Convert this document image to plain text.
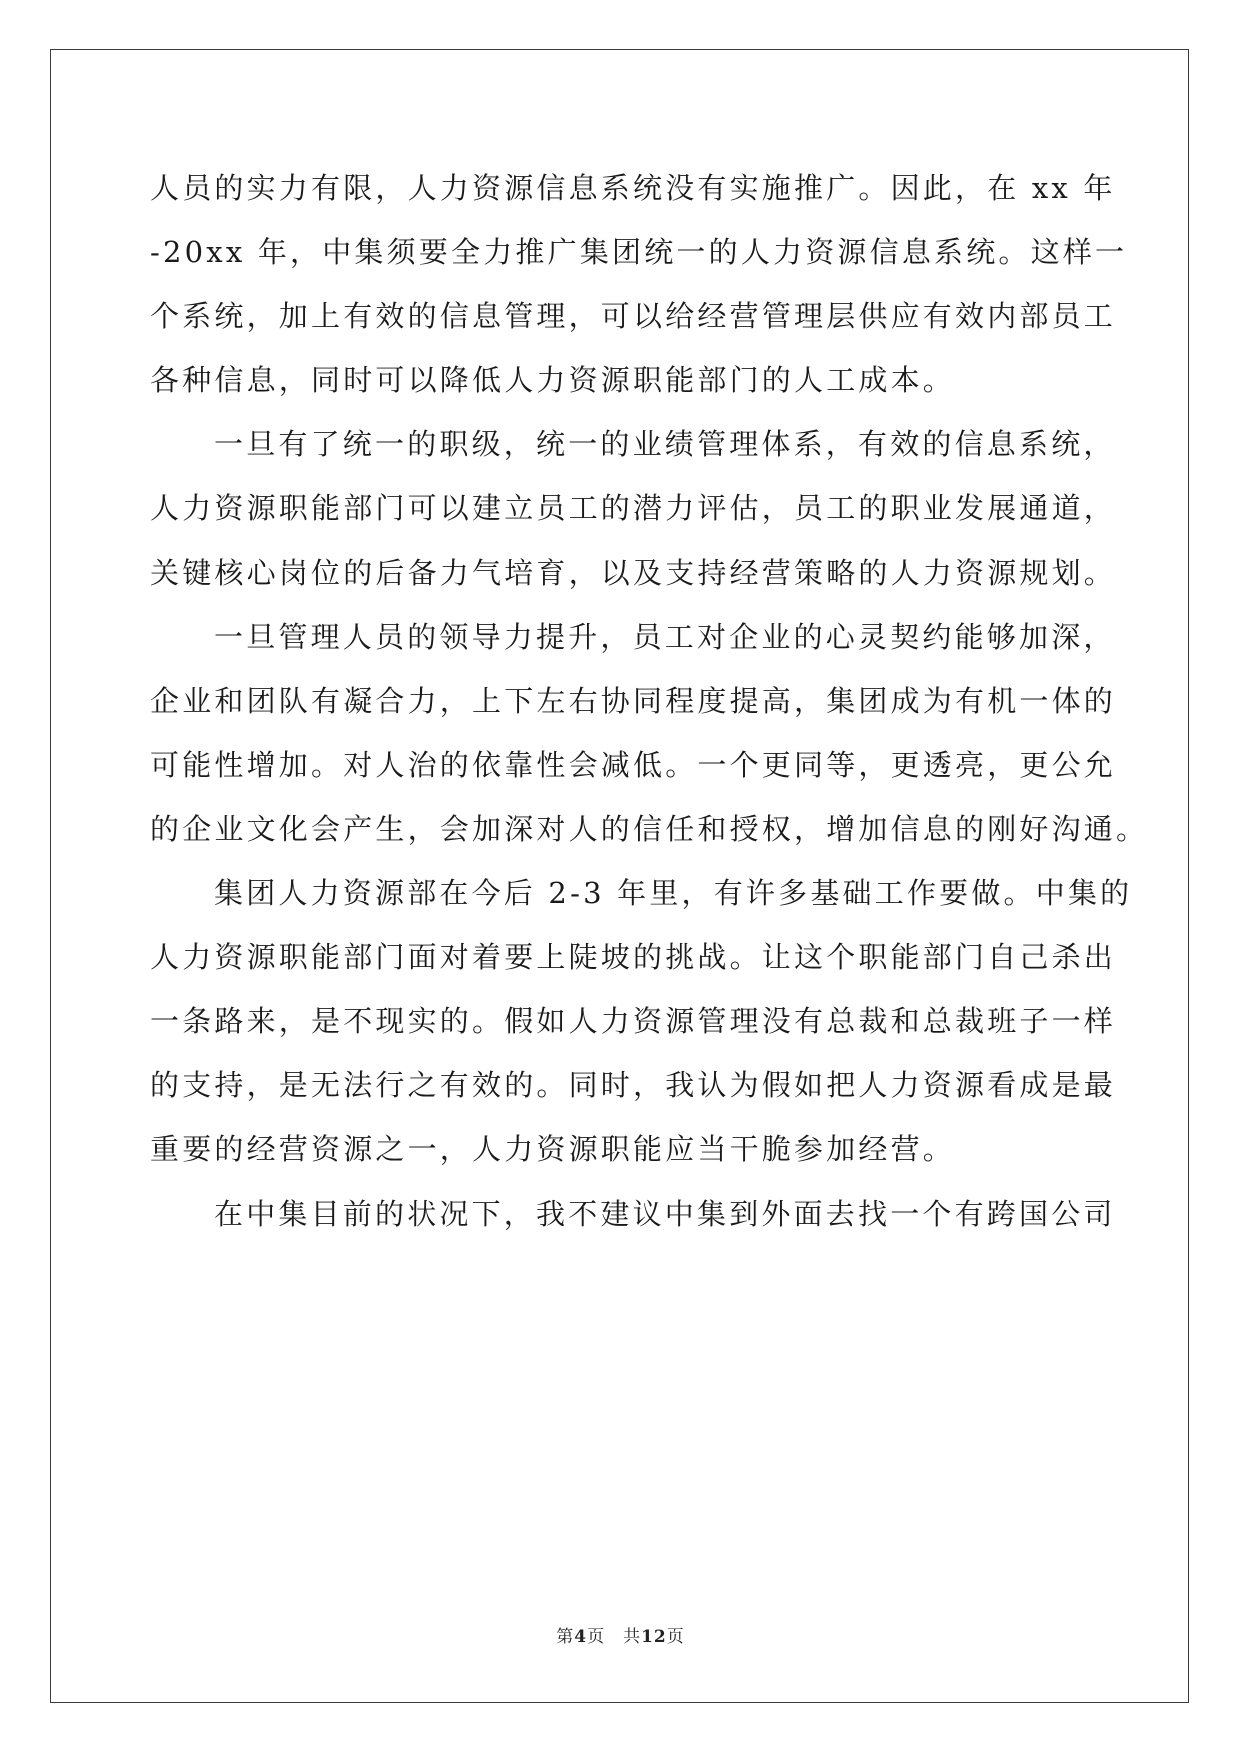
人员的实力有限，人力资源信息系统没有实施推广。因此，在 xx 年
-20xx 年，中集须要全力推广集团统一的人力资源信息系统。这样一
个系统，加上有效的信息管理，可以给经营管理层供应有效内部员工
各种信息，同时可以降低人力资源职能部门的人工成本。
一旦有了统一的职级，统一的业绩管理体系，有效的信息系统，
人力资源职能部门可以建立员工的潜力评估，员工的职业发展通道，
关键核心岗位的后备力气培育，以及支持经营策略的人力资源规划。
一旦管理人员的领导力提升，员工对企业的心灵契约能够加深，
企业和团队有凝合力，上下左右协同程度提高，集团成为有机一体的
可能性增加。对人治的依靠性会减低。一个更同等，更透亮，更公允
的企业文化会产生，会加深对人的信任和授权，增加信息的刚好沟通。
集团人力资源部在今后 2-3 年里，有许多基础工作要做。中集的
人力资源职能部门面对着要上陡坡的挑战。让这个职能部门自己杀出
一条路来，是不现实的。假如人力资源管理没有总裁和总裁班子一样
的支持，是无法行之有效的。同时，我认为假如把人力资源看成是最
重要的经营资源之一，人力资源职能应当干脆参加经营。
在中集目前的状况下，我不建议中集到外面去找一个有跨国公司
第4页 共12页
